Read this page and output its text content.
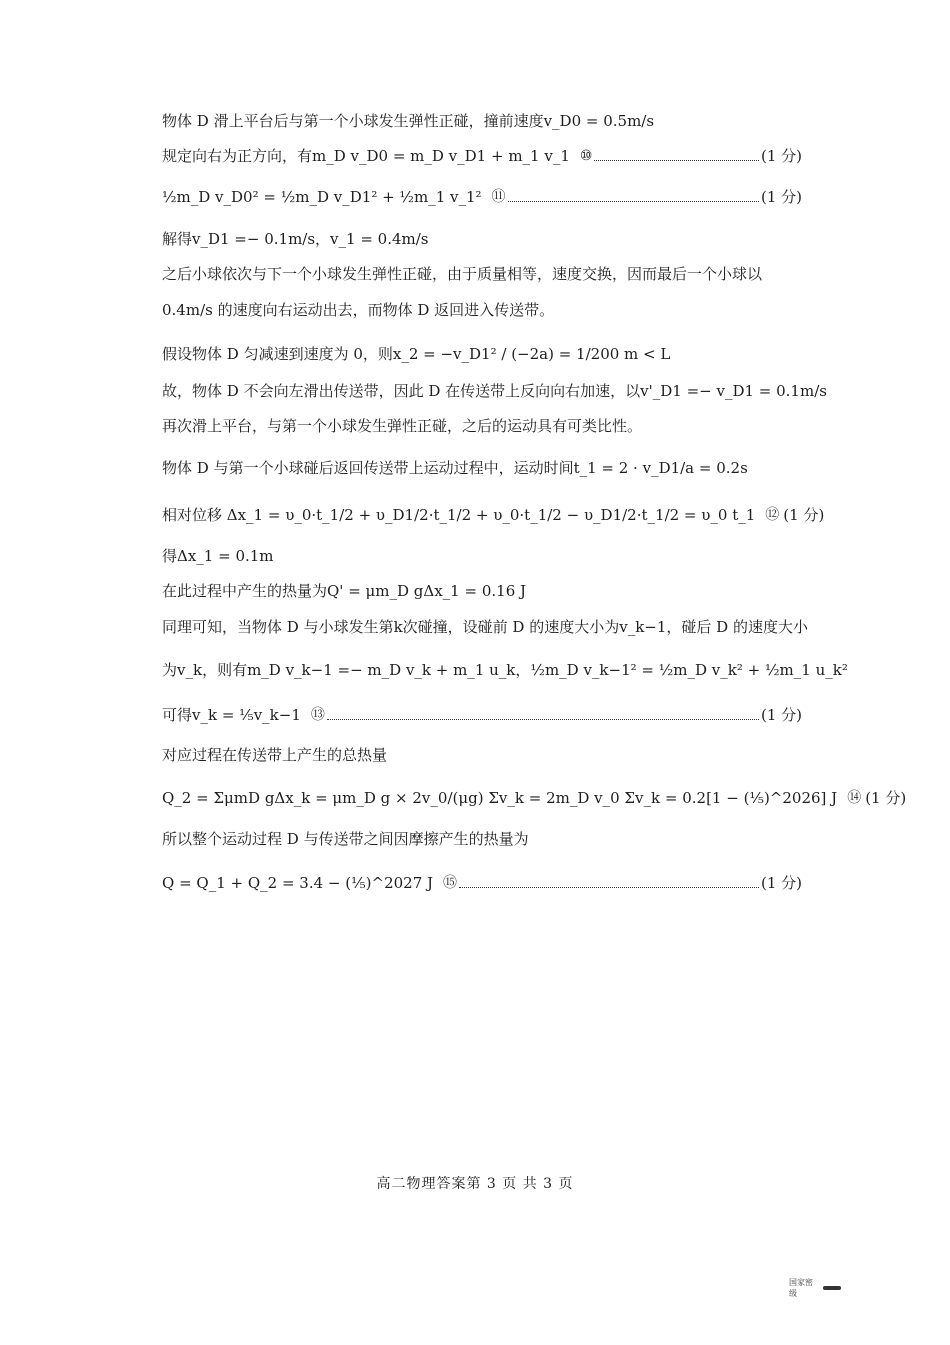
物体 D 滑上平台后与第一个小球发生弹性正碰，撞前速度v_D0 = 0.5m/s
规定向右为正方向，有m_D v_D0 = m_D v_D1 + m_1 v_1 ⑩	(1 分)
½m_D v_D0² = ½m_D v_D1² + ½m_1 v_1² ⑪	(1 分)
解得v_D1 =− 0.1m/s，v_1 = 0.4m/s
之后小球依次与下一个小球发生弹性正碰，由于质量相等，速度交换，因而最后一个小球以
0.4m/s 的速度向右运动出去，而物体 D 返回进入传送带。
假设物体 D 匀减速到速度为 0，则x_2 = −v_D1² / (−2a) = 1/200 m < L
故，物体 D 不会向左滑出传送带，因此 D 在传送带上反向向右加速，以v'_D1 =− v_D1 = 0.1m/s
再次滑上平台，与第一个小球发生弹性正碰，之后的运动具有可类比性。
物体 D 与第一个小球碰后返回传送带上运动过程中，运动时间t_1 = 2 · v_D1/a = 0.2s
相对位移 Δx_1 = υ_0·t_1/2 + υ_D1/2·t_1/2 + υ_0·t_1/2 − υ_D1/2·t_1/2 = υ_0 t_1 ⑫ (1 分)
得Δx_1 = 0.1m
在此过程中产生的热量为Q' = μm_D gΔx_1 = 0.16 J
同理可知，当物体 D 与小球发生第k次碰撞，设碰前 D 的速度大小为v_k−1，碰后 D 的速度大小
为v_k，则有m_D v_k−1 =− m_D v_k + m_1 u_k，½m_D v_k−1² = ½m_D v_k² + ½m_1 u_k²
可得v_k = ⅕v_k−1 ⑬	(1 分)
对应过程在传送带上产生的总热量
Q_2 = ΣμmD gΔx_k = μm_D g × 2v_0/(μg) Σv_k = 2m_D v_0 Σv_k = 0.2[1 − (⅕)^2026] J ⑭ (1 分)
所以整个运动过程 D 与传送带之间因摩擦产生的热量为
Q = Q_1 + Q_2 = 3.4 − (⅕)^2027 J ⑮	(1 分)
高二物理答案第 3 页 共 3 页
国家密级
